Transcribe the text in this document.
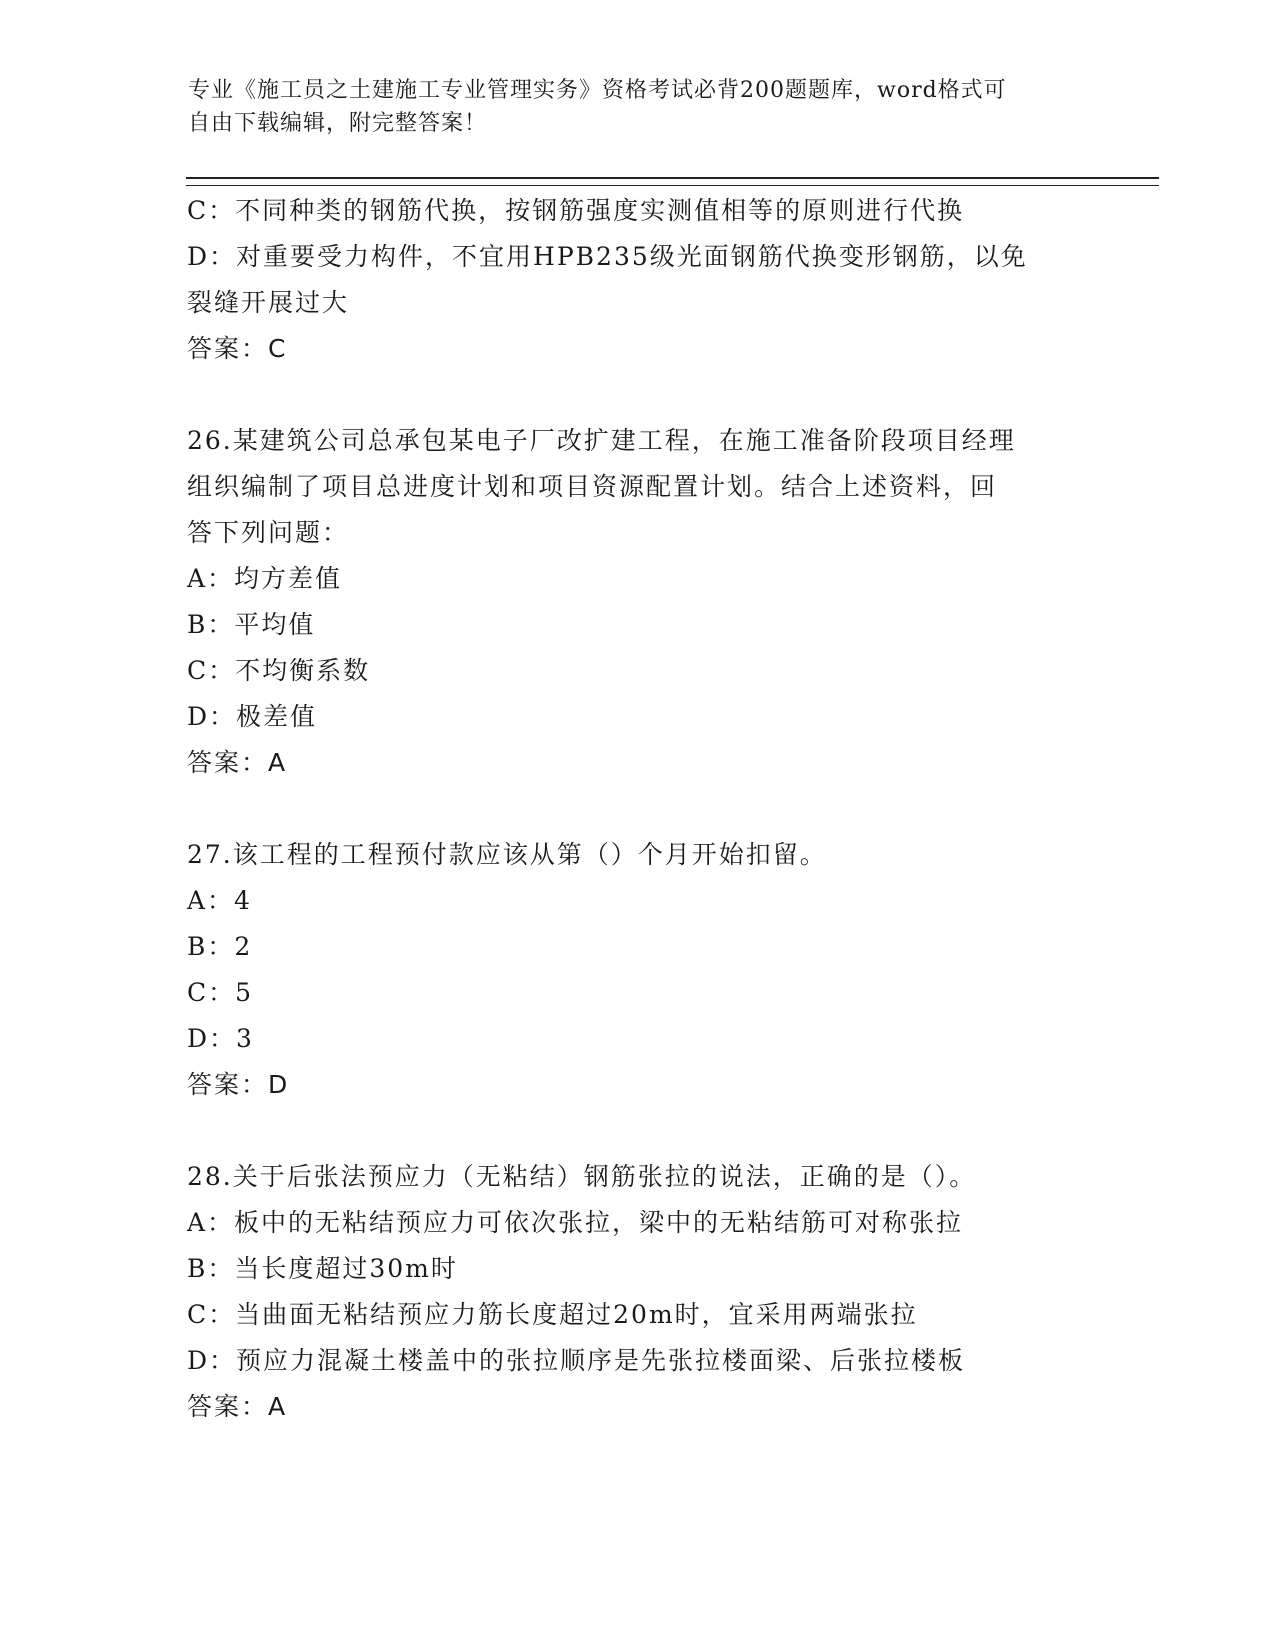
专业《施工员之土建施工专业管理实务》资格考试必背200题题库，word格式可
自由下载编辑，附完整答案！
C：不同种类的钢筋代换，按钢筋强度实测值相等的原则进行代换
D：对重要受力构件，不宜用HPB235级光面钢筋代换变形钢筋，以免
裂缝开展过大
答案：C
26.某建筑公司总承包某电子厂改扩建工程，在施工准备阶段项目经理
组织编制了项目总进度计划和项目资源配置计划。结合上述资料，回
答下列问题：
A：均方差值
B：平均值
C：不均衡系数
D：极差值
答案：A
27.该工程的工程预付款应该从第（）个月开始扣留。
A：4
B：2
C：5
D：3
答案：D
28.关于后张法预应力（无粘结）钢筋张拉的说法，正确的是（）。
A：板中的无粘结预应力可依次张拉，梁中的无粘结筋可对称张拉
B：当长度超过30m时
C：当曲面无粘结预应力筋长度超过20m时，宜采用两端张拉
D：预应力混凝土楼盖中的张拉顺序是先张拉楼面梁、后张拉楼板
答案：A
